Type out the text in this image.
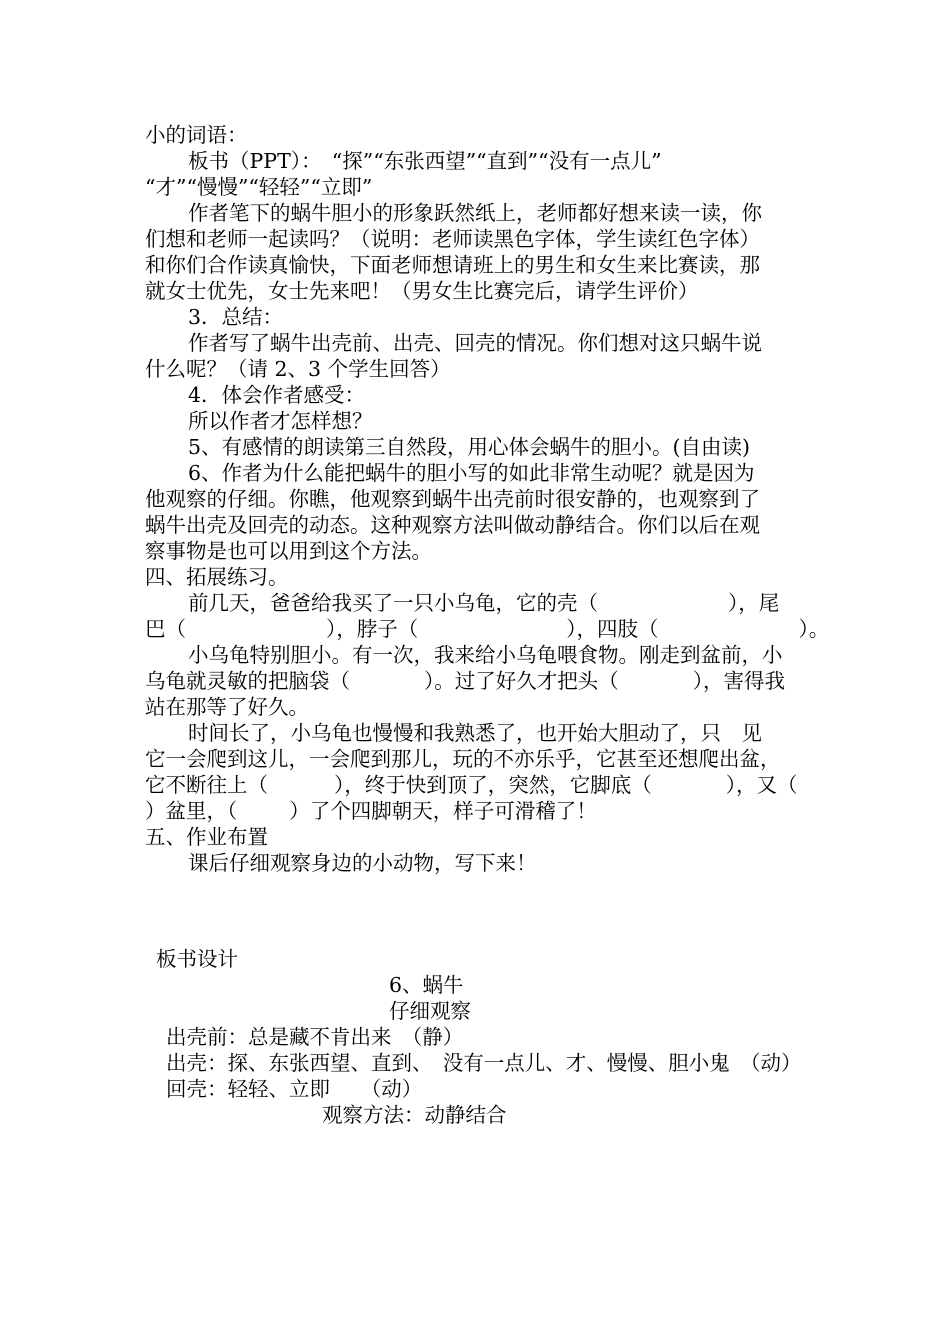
小的词语：
板书（PPT）：　“探”“东张西望”“直到”“没有一点儿”
“才”“慢慢”“轻轻”“立即”
作者笔下的蜗牛胆小的形象跃然纸上，老师都好想来读一读，你
们想和老师一起读吗？（说明：老师读黑色字体，学生读红色字体）
和你们合作读真愉快，下面老师想请班上的男生和女生来比赛读，那
就女士优先，女士先来吧！（男女生比赛完后，请学生评价）
3．总结：
作者写了蜗牛出壳前、出壳、回壳的情况。你们想对这只蜗牛说
什么呢？（请 2、3 个学生回答）
4．体会作者感受：
所以作者才怎样想？
5、有感情的朗读第三自然段，用心体会蜗牛的胆小。(自由读)
6、作者为什么能把蜗牛的胆小写的如此非常生动呢？就是因为
他观察的仔细。你瞧，他观察到蜗牛出壳前时很安静的，也观察到了
蜗牛出壳及回壳的动态。这种观察方法叫做动静结合。你们以后在观
察事物是也可以用到这个方法。
四、拓展练习。
前几天，爸爸给我买了一只小乌龟，它的壳（	），尾
巴（	），脖子（	），四肢（	）。
小乌龟特别胆小。有一次，我来给小乌龟喂食物。刚走到盆前，小
乌龟就灵敏的把脑袋（	）。过了好久才把头（	），害得我
站在那等了好久。
时间长了，小乌龟也慢慢和我熟悉了，也开始大胆动了，只　见
它一会爬到这儿，一会爬到那儿，玩的不亦乐乎，它甚至还想爬出盆，
它不断往上（	），终于快到顶了，突然，它脚底（	），又（
）盆里，（	）了个四脚朝天，样子可滑稽了！
五、作业布置
课后仔细观察身边的小动物，写下来！
板书设计
6、蜗牛
仔细观察
出壳前：总是藏不肯出来　（静）
出壳：探、东张西望、直到、　没有一点儿、才、慢慢、胆小鬼　（动）
回壳：轻轻、立即　　（动）
观察方法：动静结合
